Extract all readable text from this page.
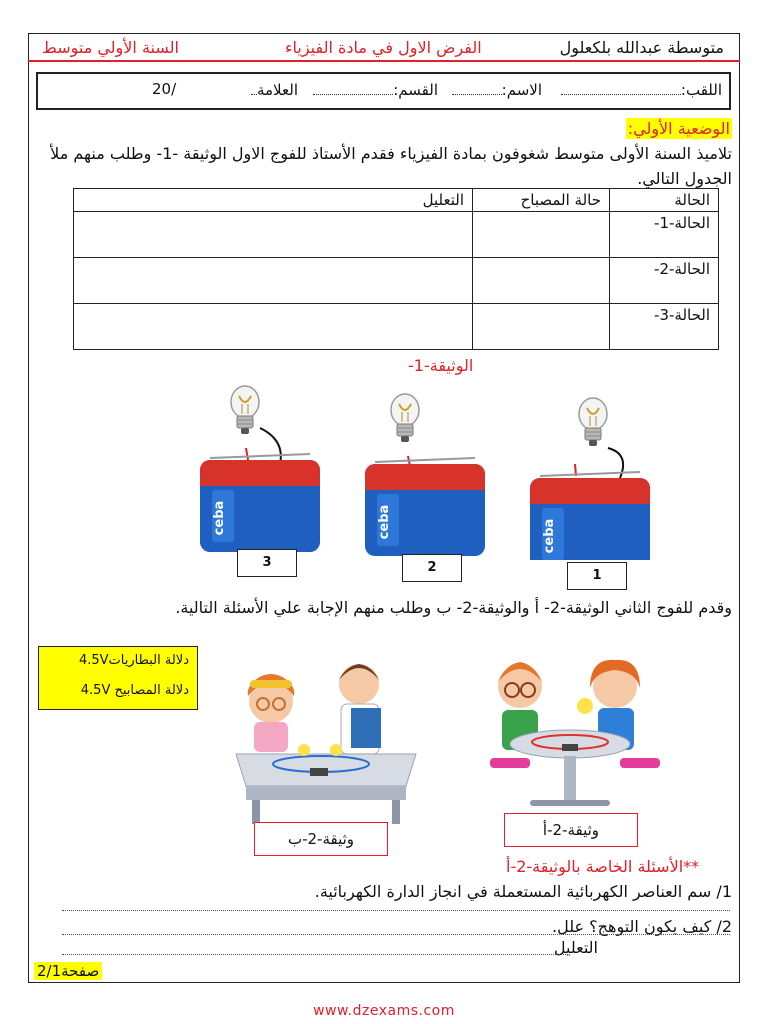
متوسطة عبدالله بلكعلول
الفرض الاول في مادة الفيزياء
السنة الأولي متوسط
اللقب:
الاسم:
القسم:
العلامة
20/
الوضعية الأولي:
تلاميذ السنة الأولى متوسط شغوفون بمادة الفيزياء فقدم الأستاذ للفوج الاول الوثيقة -1- وطلب منهم ملأ الجدول التالي.
الحالة	حالة المصباح	التعليل
الحالة-1-		
الحالة-2-		
الحالة-3-		
الوثيقة-1-
ceba
3	2
1
وقدم للفوج الثاني الوثيقة-2- أ والوثيقة-2- ب وطلب منهم الإجابة علي الأسئلة التالية.
دلالة البطاريات4.5V
دلالة المصابيح 4.5V
وثيقة-2-أ
وثيقة-2-ب
**الأسئلة الخاصة بالوثيقة-2-أ
1/ سم العناصر الكهربائية المستعملة في انجاز الدارة الكهربائية.
2/ كيف يكون التوهج؟ علل.
التعليل
صفحة2/1
www.dzexams.com
